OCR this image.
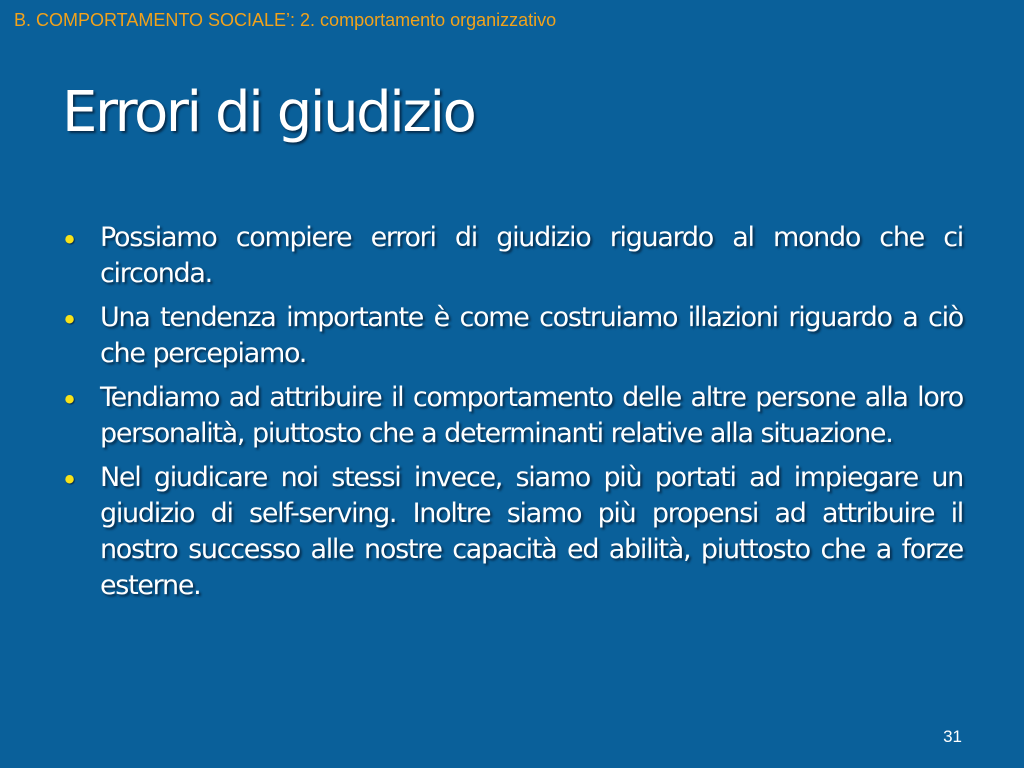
B. COMPORTAMENTO SOCIALE’: 2. comportamento organizzativo
Errori di giudizio
• Possiamo compiere errori di giudizio riguardo al mondo che ci circonda.
• Una tendenza importante è come costruiamo illazioni riguardo a ciò che percepiamo.
• Tendiamo ad attribuire il comportamento delle altre persone alla loro personalità, piuttosto che a determinanti relative alla situazione.
• Nel giudicare noi stessi invece, siamo più portati ad impiegare un giudizio di self-serving. Inoltre siamo più propensi ad attribuire il nostro successo alle nostre capacità ed abilità, piuttosto che a forze esterne.
31
